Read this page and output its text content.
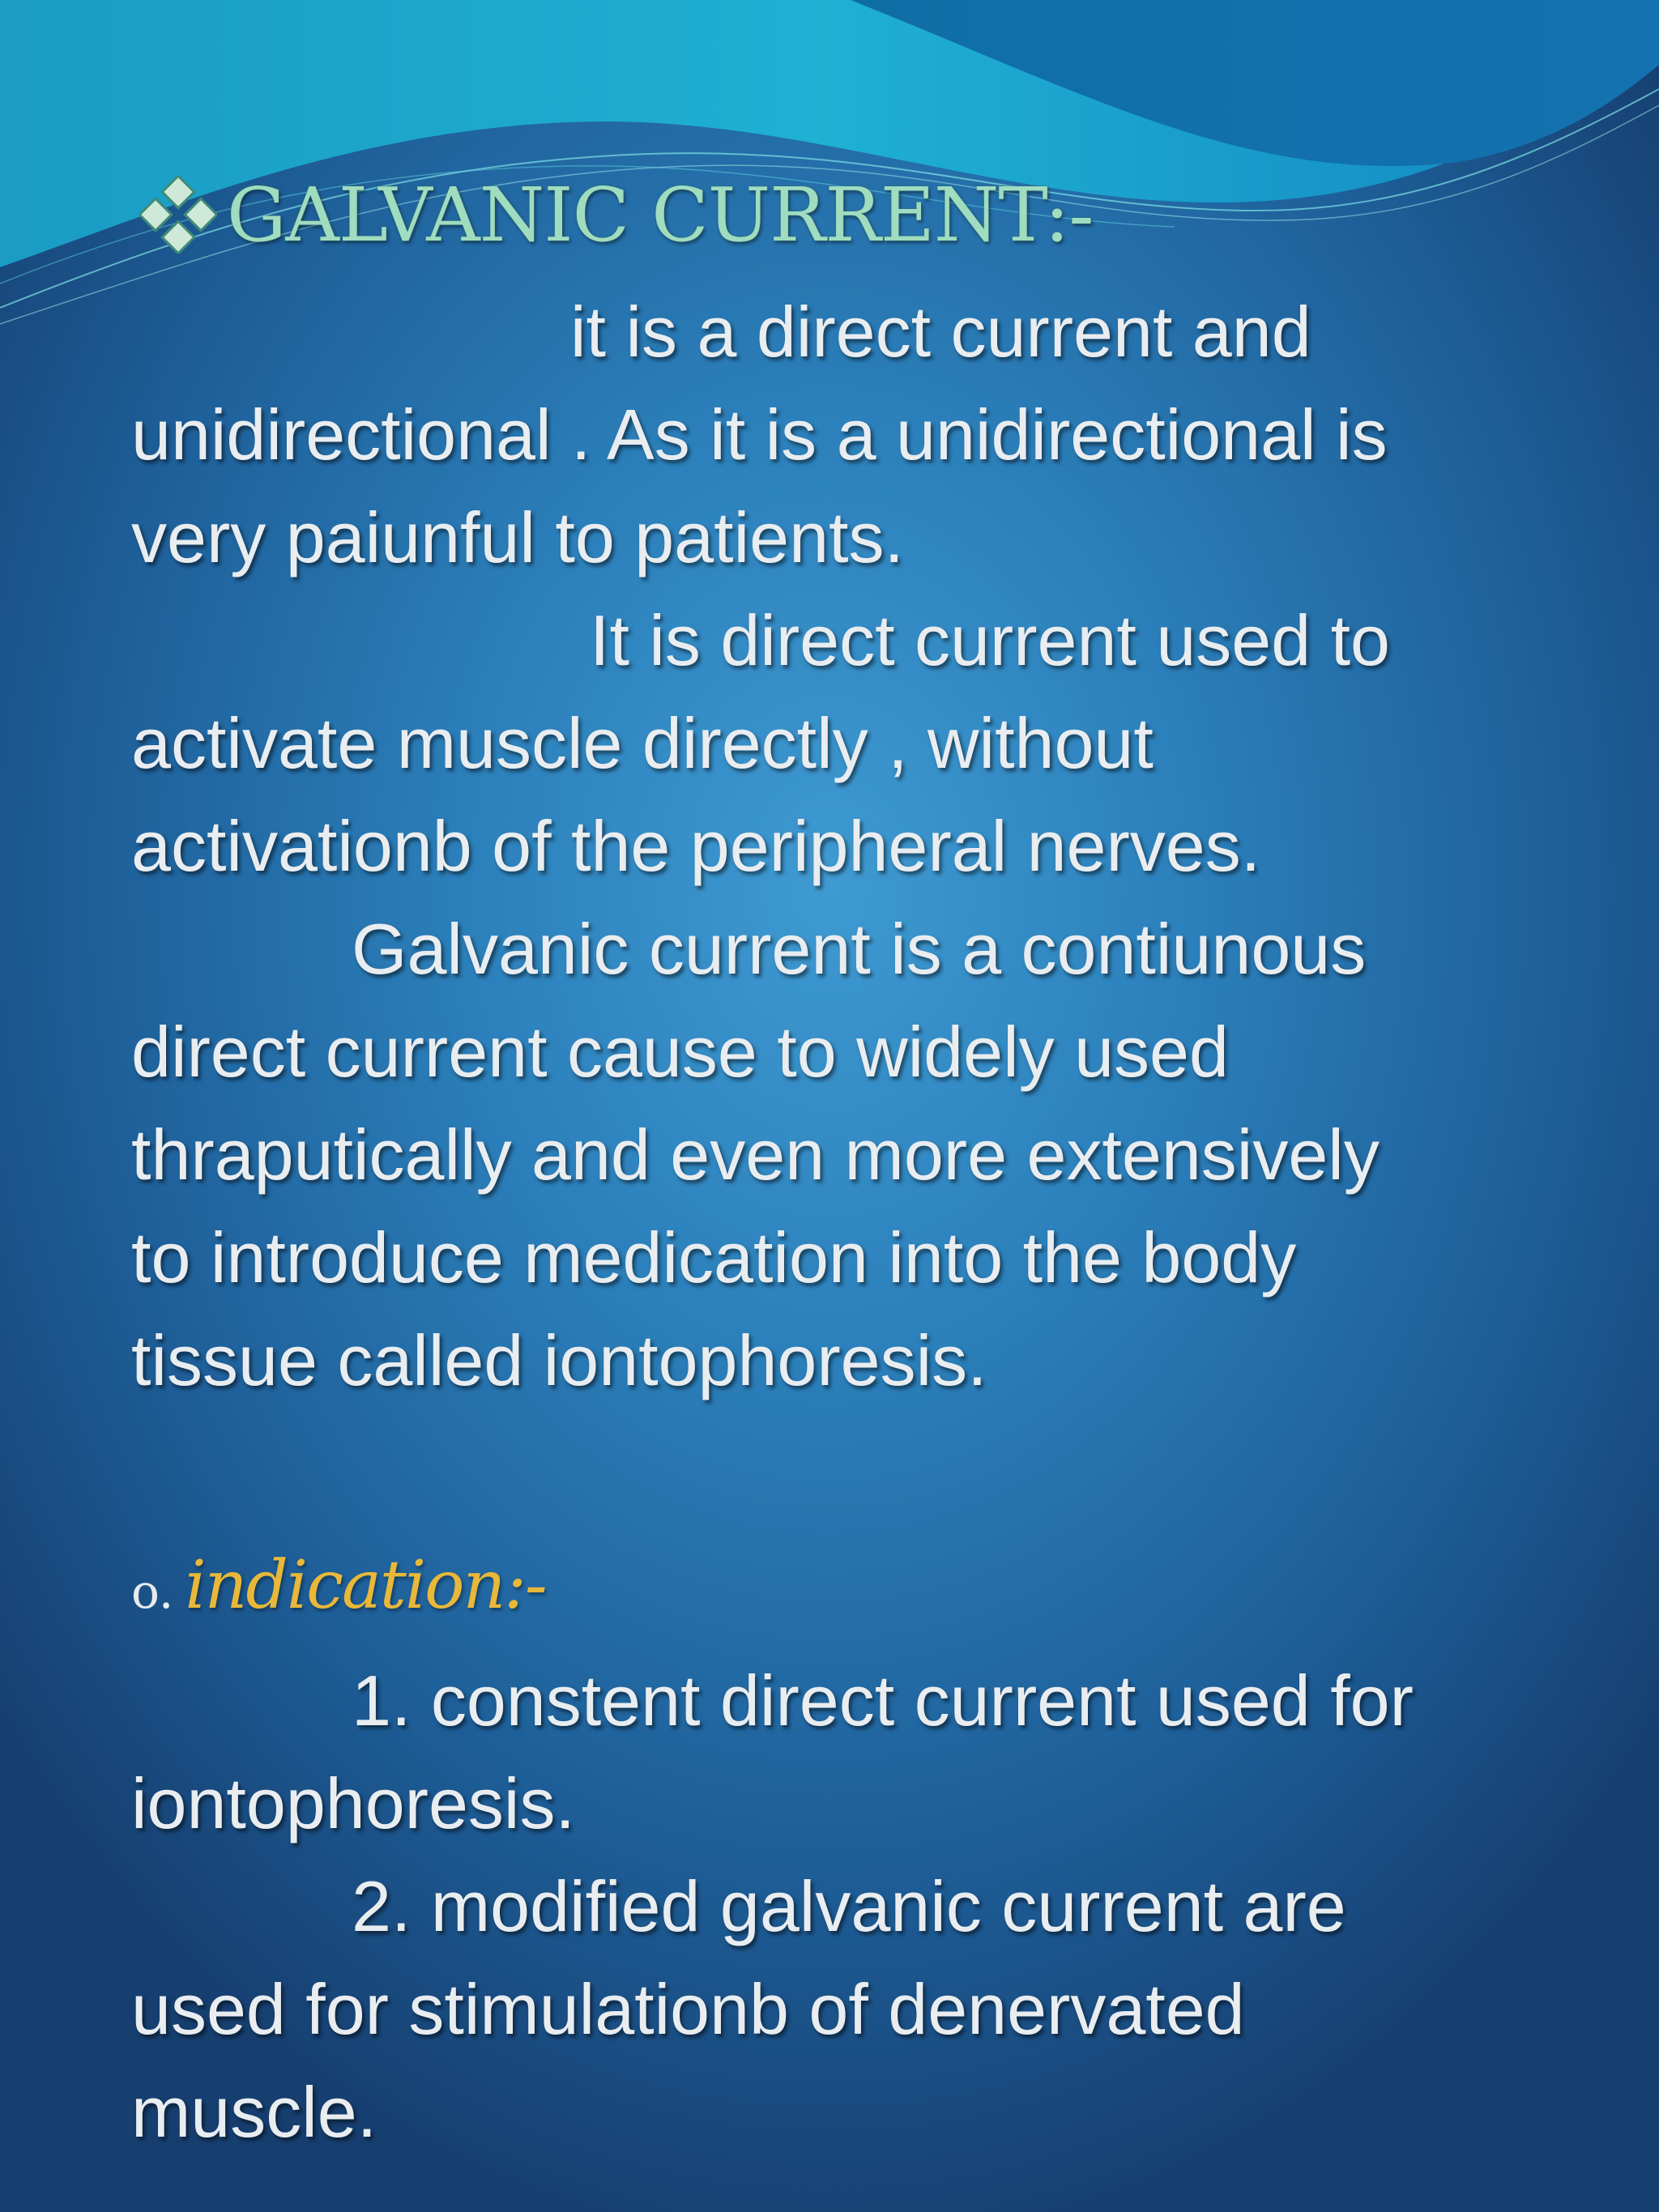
GALVANIC CURRENT:-
it is a direct current and
unidirectional . As it is a unidirectional is
very paiunful to patients.
It is direct current used to
activate muscle directly , without
activationb of the peripheral nerves.
Galvanic current is a contiunous
direct current cause to widely used
thraputically and even more extensively
to introduce medication into the body
tissue called iontophoresis.
o. indication:-
1. constent direct current used for
iontophoresis.
2. modified galvanic current are
used for stimulationb of denervated
muscle.
